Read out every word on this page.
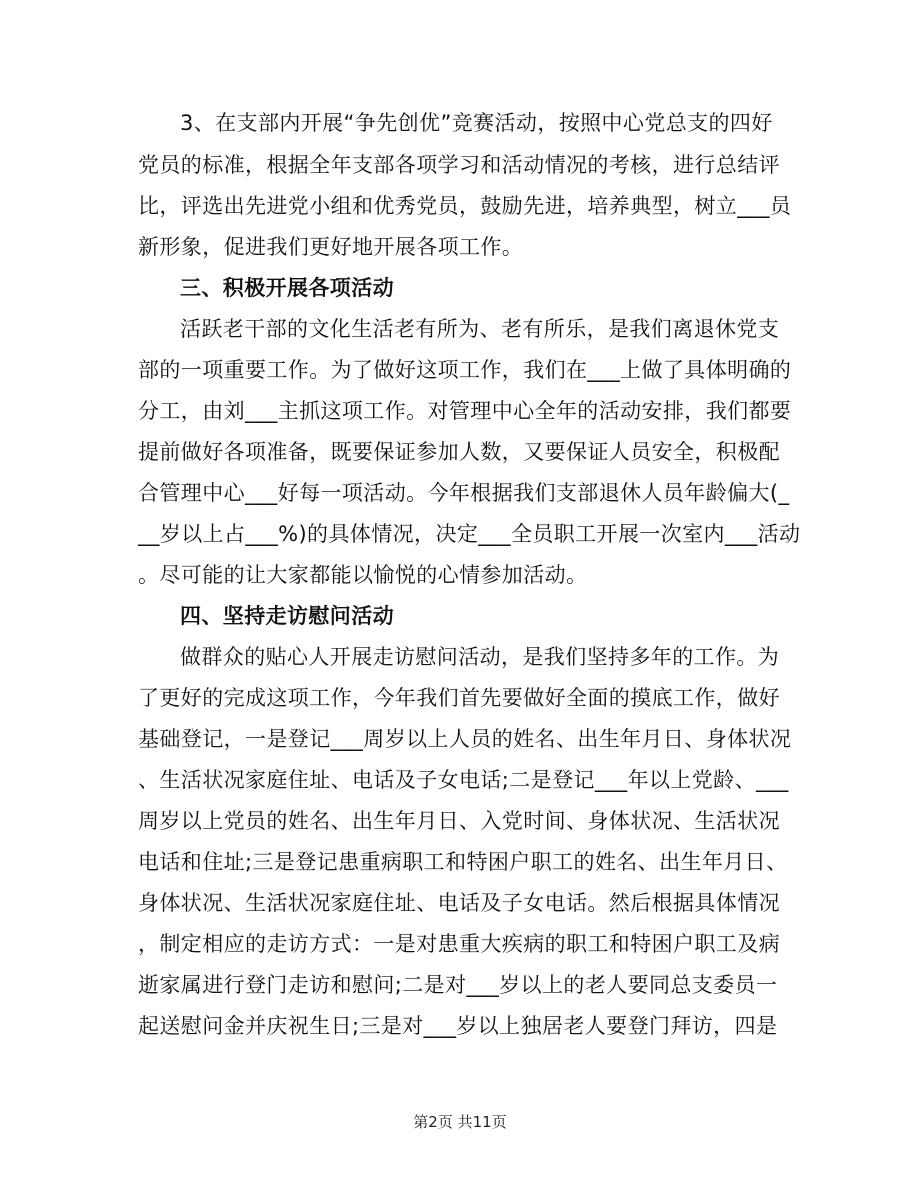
3、在支部内开展“争先创优”竞赛活动，按照中心党总支的四好
党员的标准，根据全年支部各项学习和活动情况的考核，进行总结评
比，评选出先进党小组和优秀党员，鼓励先进，培养典型，树立___员
新形象，促进我们更好地开展各项工作。
三、积极开展各项活动
活跃老干部的文化生活老有所为、老有所乐，是我们离退休党支
部的一项重要工作。为了做好这项工作，我们在___上做了具体明确的
分工，由刘___主抓这项工作。对管理中心全年的活动安排，我们都要
提前做好各项准备，既要保证参加人数，又要保证人员安全，积极配
合管理中心___好每一项活动。今年根据我们支部退休人员年龄偏大(_
__岁以上占___%)的具体情况，决定___全员职工开展一次室内___活动
。尽可能的让大家都能以愉悦的心情参加活动。
四、坚持走访慰问活动
做群众的贴心人开展走访慰问活动，是我们坚持多年的工作。为
了更好的完成这项工作，今年我们首先要做好全面的摸底工作，做好
基础登记，一是登记___周岁以上人员的姓名、出生年月日、身体状况
、生活状况家庭住址、电话及子女电话;二是登记___年以上党龄、___
周岁以上党员的姓名、出生年月日、入党时间、身体状况、生活状况
电话和住址;三是登记患重病职工和特困户职工的姓名、出生年月日、
身体状况、生活状况家庭住址、电话及子女电话。然后根据具体情况
，制定相应的走访方式：一是对患重大疾病的职工和特困户职工及病
逝家属进行登门走访和慰问;二是对___岁以上的老人要同总支委员一
起送慰问金并庆祝生日;三是对___岁以上独居老人要登门拜访，四是
第2页 共11页
